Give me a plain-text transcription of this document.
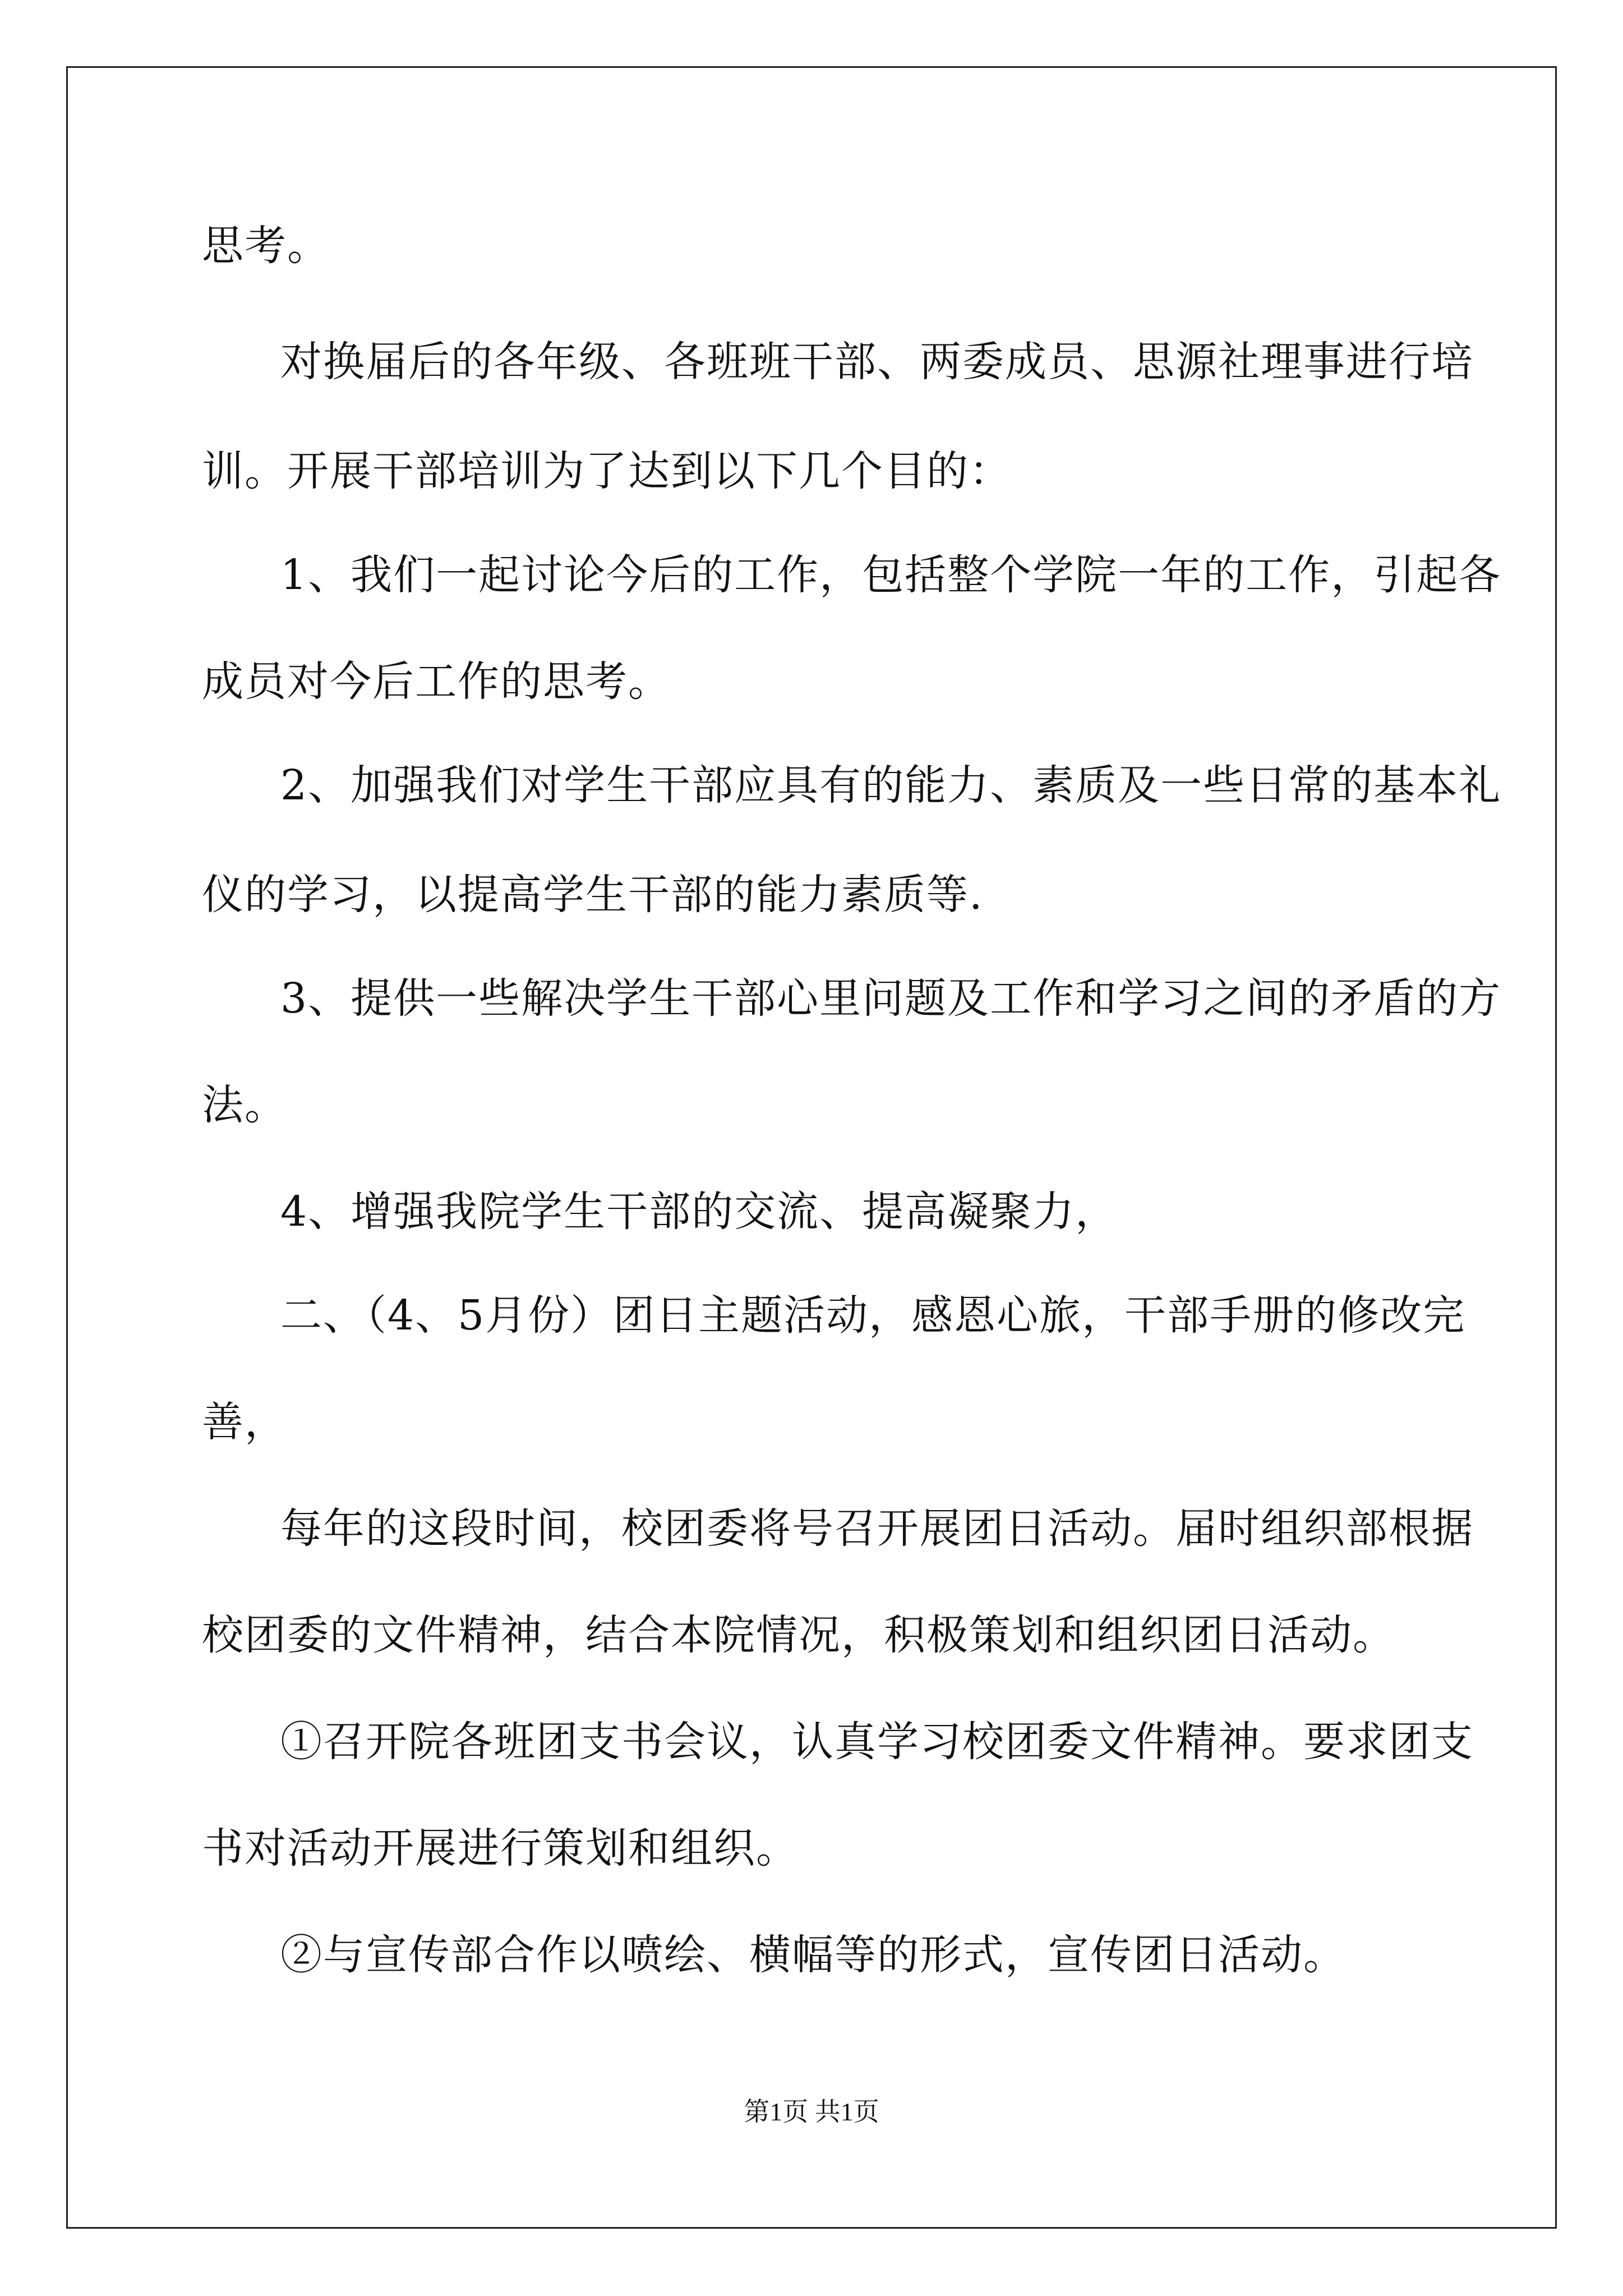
思考。
对换届后的各年级、各班班干部、两委成员、思源社理事进行培
训。开展干部培训为了达到以下几个目的：
1、我们一起讨论今后的工作，包括整个学院一年的工作，引起各
成员对今后工作的思考。
2、加强我们对学生干部应具有的能力、素质及一些日常的基本礼
仪的学习，以提高学生干部的能力素质等.
3、提供一些解决学生干部心里问题及工作和学习之间的矛盾的方
法。
4、增强我院学生干部的交流、提高凝聚力，
二、（4、5月份）团日主题活动，感恩心旅，干部手册的修改完
善，
每年的这段时间，校团委将号召开展团日活动。届时组织部根据
校团委的文件精神，结合本院情况，积极策划和组织团日活动。
①召开院各班团支书会议，认真学习校团委文件精神。要求团支
书对活动开展进行策划和组织。
②与宣传部合作以喷绘、横幅等的形式，宣传团日活动。
第1页 共1页
